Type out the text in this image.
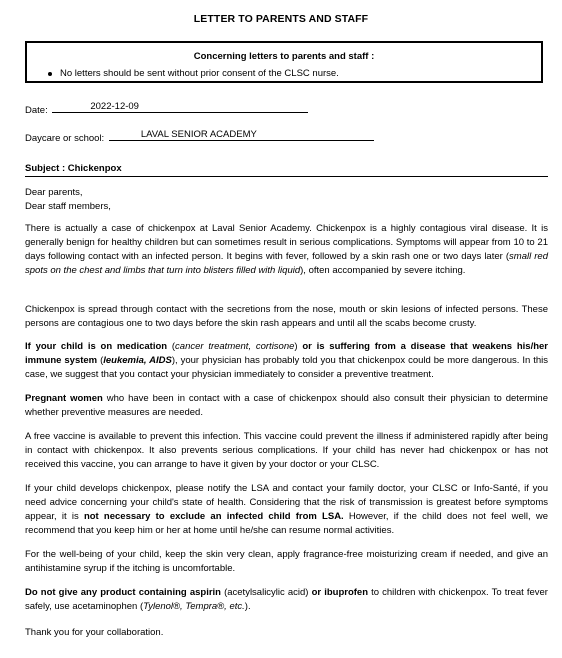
LETTER TO PARENTS AND STAFF
Concerning letters to parents and staff :
No letters should be sent without prior consent of the CLSC nurse.
Date:	2022-12-09
Daycare or school:	LAVAL SENIOR ACADEMY
Subject : Chickenpox

Dear parents,

Dear staff members,

There is actually a case of chickenpox at Laval Senior Academy. Chickenpox is a highly contagious viral disease. It is generally benign for healthy children but can sometimes result in serious complications. Symptoms will appear from 10 to 21 days following contact with an infected person. It begins with fever, followed by a skin rash one or two days later (small red spots on the chest and limbs that turn into blisters filled with liquid), often accompanied by severe itching.

Chickenpox is spread through contact with the secretions from the nose, mouth or skin lesions of infected persons. These persons are contagious one to two days before the skin rash appears and until all the scabs become crusty.

If your child is on medication (cancer treatment, cortisone) or is suffering from a disease that weakens his/her immune system (leukemia, AIDS), your physician has probably told you that chickenpox could be more dangerous. In this case, we suggest that you contact your physician immediately to consider a preventive treatment.

Pregnant women who have been in contact with a case of chickenpox should also consult their physician to determine whether preventive measures are needed.

A free vaccine is available to prevent this infection. This vaccine could prevent the illness if administered rapidly after being in contact with chickenpox. It also prevents serious complications. If your child has never had chickenpox or has not received this vaccine, you can arrange to have it given by your doctor or your CLSC.

If your child develops chickenpox, please notify the LSA and contact your family doctor, your CLSC or Info-Santé, if you need advice concerning your child's state of health. Considering that the risk of transmission is greatest before symptoms appear, it is not necessary to exclude an infected child from LSA. However, if the child does not feel well, we recommend that you keep him or her at home until he/she can resume normal activities.

For the well-being of your child, keep the skin very clean, apply fragrance-free moisturizing cream if needed, and give an antihistamine syrup if the itching is uncomfortable.

Do not give any product containing aspirin (acetylsalicylic acid) or ibuprofen to children with chickenpox. To treat fever safely, use acetaminophen (Tylenol®, Tempra®, etc.).

Thank you for your collaboration.
